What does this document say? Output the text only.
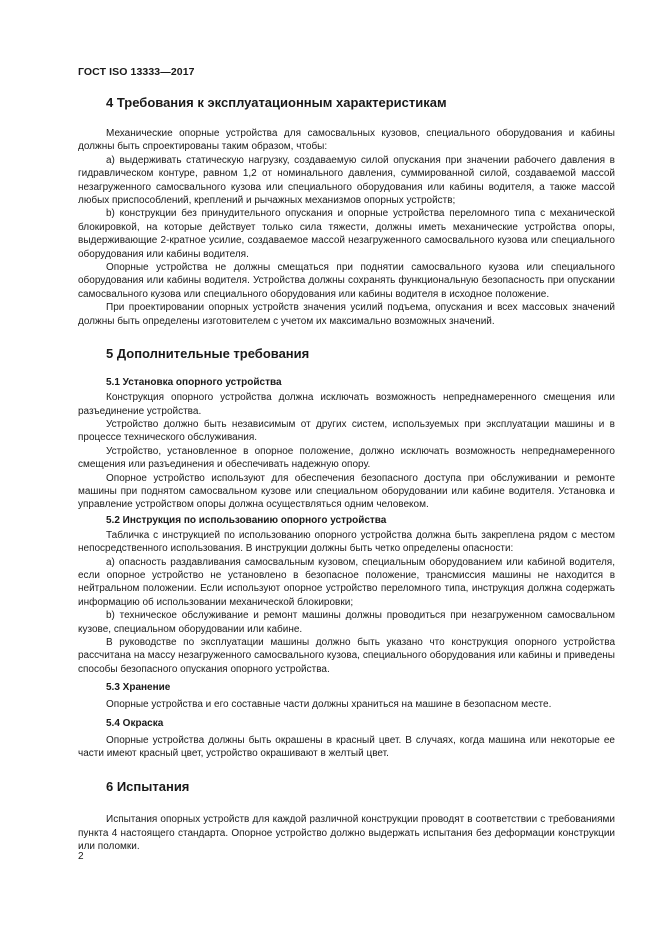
ГОСТ ISO 13333—2017
4 Требования к эксплуатационным характеристикам

Механические опорные устройства для самосвальных кузовов, специального оборудования и кабины должны быть спроектированы таким образом, чтобы:

a) выдерживать статическую нагрузку, создаваемую силой опускания при значении рабочего давления в гидравлическом контуре, равном 1,2 от номинального давления, суммированной силой, создаваемой массой незагруженного самосвального кузова или специального оборудования или кабины водителя, а также массой любых приспособлений, креплений и рычажных механизмов опорных устройств;

b) конструкции без принудительного опускания и опорные устройства переломного типа с механической блокировкой, на которые действует только сила тяжести, должны иметь механические устройства опоры, выдерживающие 2-кратное усилие, создаваемое массой незагруженного самосвального кузова или специального оборудования или кабины водителя.

Опорные устройства не должны смещаться при поднятии самосвального кузова или специального оборудования или кабины водителя. Устройства должны сохранять функциональную безопасность при опускании самосвального кузова или специального оборудования или кабины водителя в исходное положение.

При проектировании опорных устройств значения усилий подъема, опускания и всех массовых значений должны быть определены изготовителем с учетом их максимально возможных значений.

5 Дополнительные требования
5.1 Установка опорного устройства

Конструкция опорного устройства должна исключать возможность непреднамеренного смещения или разъединение устройства.

Устройство должно быть независимым от других систем, используемых при эксплуатации машины и в процессе технического обслуживания.

Устройство, установленное в опорное положение, должно исключать возможность непреднамеренного смещения или разъединения и обеспечивать надежную опору.

Опорное устройство используют для обеспечения безопасного доступа при обслуживании и ремонте машины при поднятом самосвальном кузове или специальном оборудовании или кабине водителя. Установка и управление устройством опоры должна осуществляться одним человеком.

5.2 Инструкция по использованию опорного устройства

Табличка с инструкцией по использованию опорного устройства должна быть закреплена рядом с местом непосредственного использования. В инструкции должны быть четко определены опасности:

a) опасность раздавливания самосвальным кузовом, специальным оборудованием или кабиной водителя, если опорное устройство не установлено в безопасное положение, трансмиссия машины не находится в нейтральном положении. Если используют опорное устройство переломного типа, инструкция должна содержать информацию об использовании механической блокировки;

b) техническое обслуживание и ремонт машины должны проводиться при незагруженном самосвальном кузове, специальном оборудовании или кабине.

В руководстве по эксплуатации машины должно быть указано что конструкция опорного устройства рассчитана на массу незагруженного самосвального кузова, специального оборудования или кабины и приведены способы безопасного опускания опорного устройства.

5.3 Хранение

Опорные устройства и его составные части должны храниться на машине в безопасном месте.

5.4 Окраска

Опорные устройства должны быть окрашены в красный цвет. В случаях, когда машина или некоторые ее части имеют красный цвет, устройство окрашивают в желтый цвет.

6 Испытания

Испытания опорных устройств для каждой различной конструкции проводят в соответствии с требованиями пункта 4 настоящего стандарта. Опорное устройство должно выдержать испытания без деформации конструкции или поломки.

2
